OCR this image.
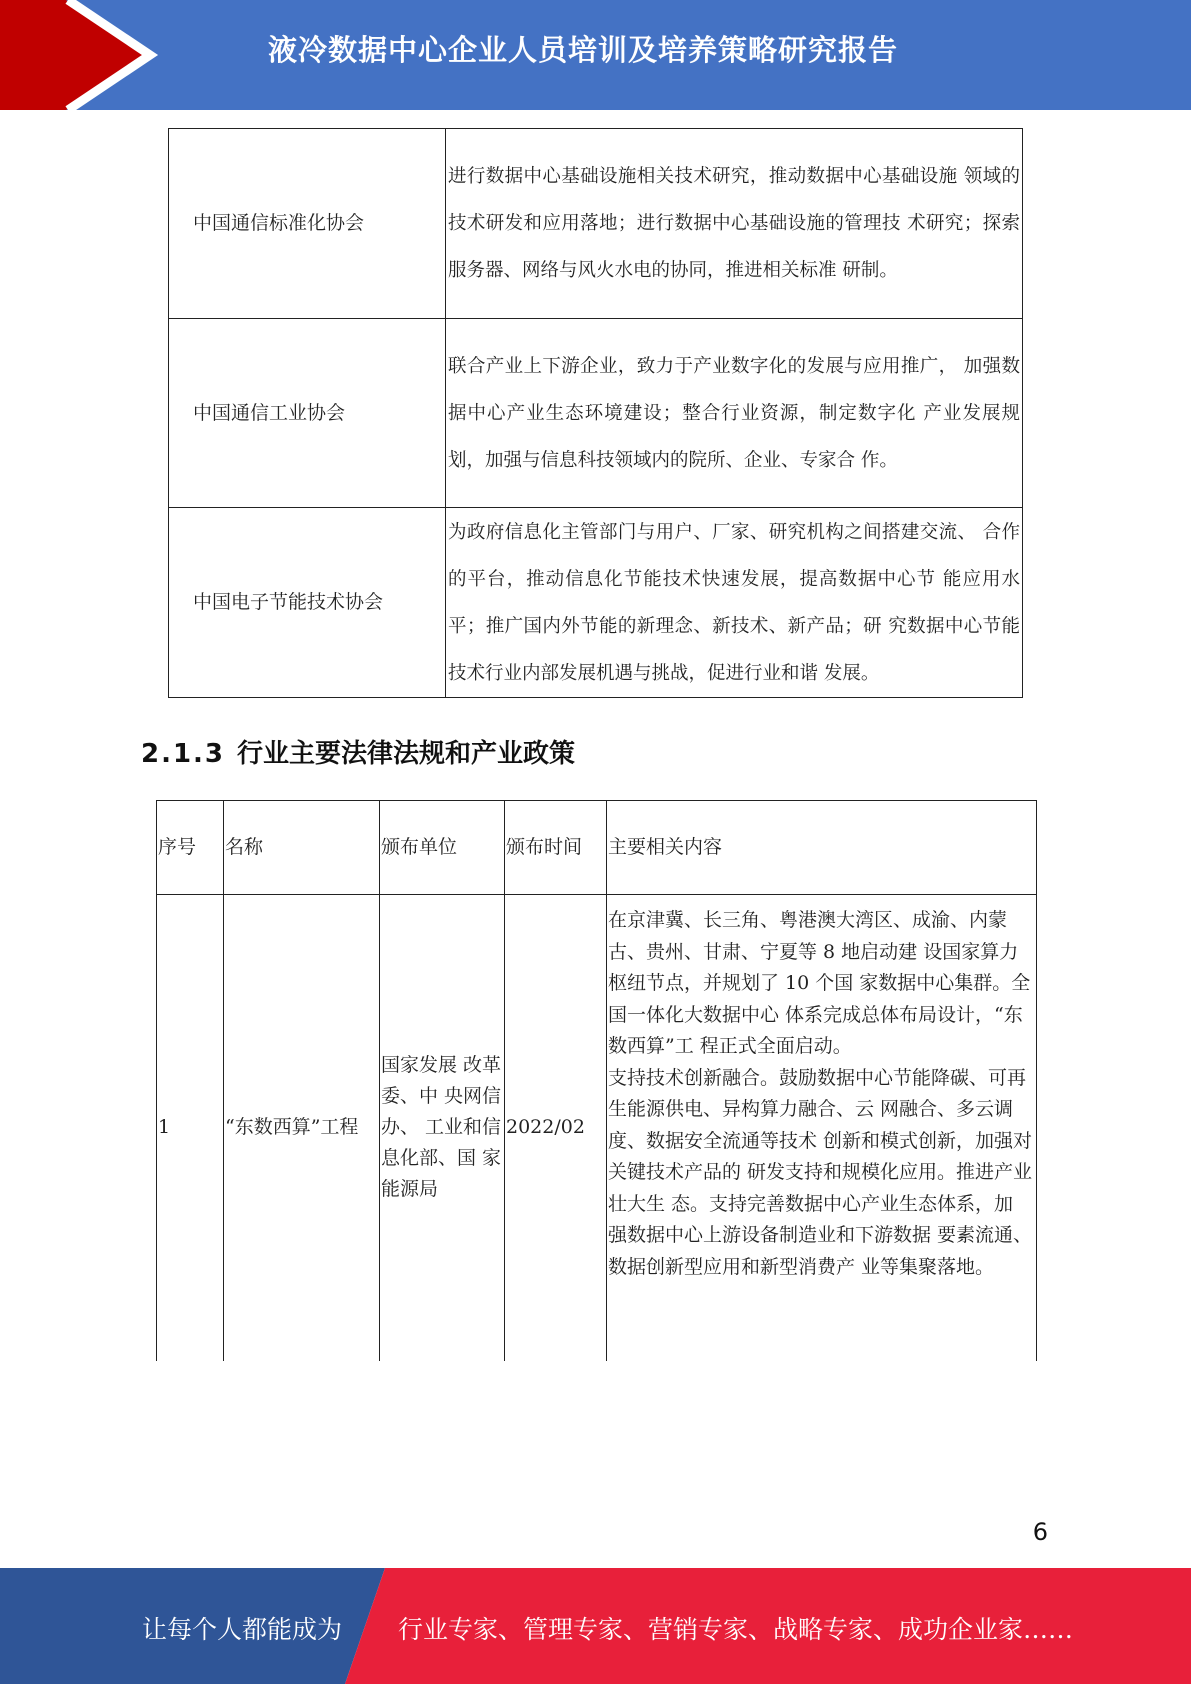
液冷数据中心企业人员培训及培养策略研究报告
中国通信标准化协会	进行数据中心基础设施相关技术研究，推动数据中心基础设施 领域的技术研发和应用落地；进行数据中心基础设施的管理技 术研究；探索服务器、网络与风火水电的协同，推进相关标准 研制。
中国通信工业协会	联合产业上下游企业，致力于产业数字化的发展与应用推广， 加强数据中心产业生态环境建设；整合行业资源，制定数字化 产业发展规划，加强与信息科技领域内的院所、企业、专家合 作。
中国电子节能技术协会	为政府信息化主管部门与用户、厂家、研究机构之间搭建交流、 合作的平台，推动信息化节能技术快速发展，提高数据中心节 能应用水平；推广国内外节能的新理念、新技术、新产品；研 究数据中心节能技术行业内部发展机遇与挑战，促进行业和谐 发展。
2.1.3 行业主要法律法规和产业政策
序号	名称	颁布单位	颁布时间	主要相关内容
1	“东数西算”工程	国家发展 改革委、中 央网信办、 工业和信 息化部、国 家能源局	2022/02	在京津冀、长三角、粤港澳大湾区、成渝、内蒙古、贵州、甘肃、宁夏等 8 地启动建 设国家算力枢纽节点，并规划了 10 个国 家数据中心集群。全国一体化大数据中心 体系完成总体布局设计，“东数西算”工 程正式全面启动。
支持技术创新融合。鼓励数据中心节能降碳、可再生能源供电、异构算力融合、云 网融合、多云调度、数据安全流通等技术 创新和模式创新，加强对关键技术产品的 研发支持和规模化应用。推进产业壮大生 态。支持完善数据中心产业生态体系，加 强数据中心上游设备制造业和下游数据 要素流通、数据创新型应用和新型消费产 业等集聚落地。
6
让每个人都能成为 行业专家、管理专家、营销专家、战略专家、成功企业家……
